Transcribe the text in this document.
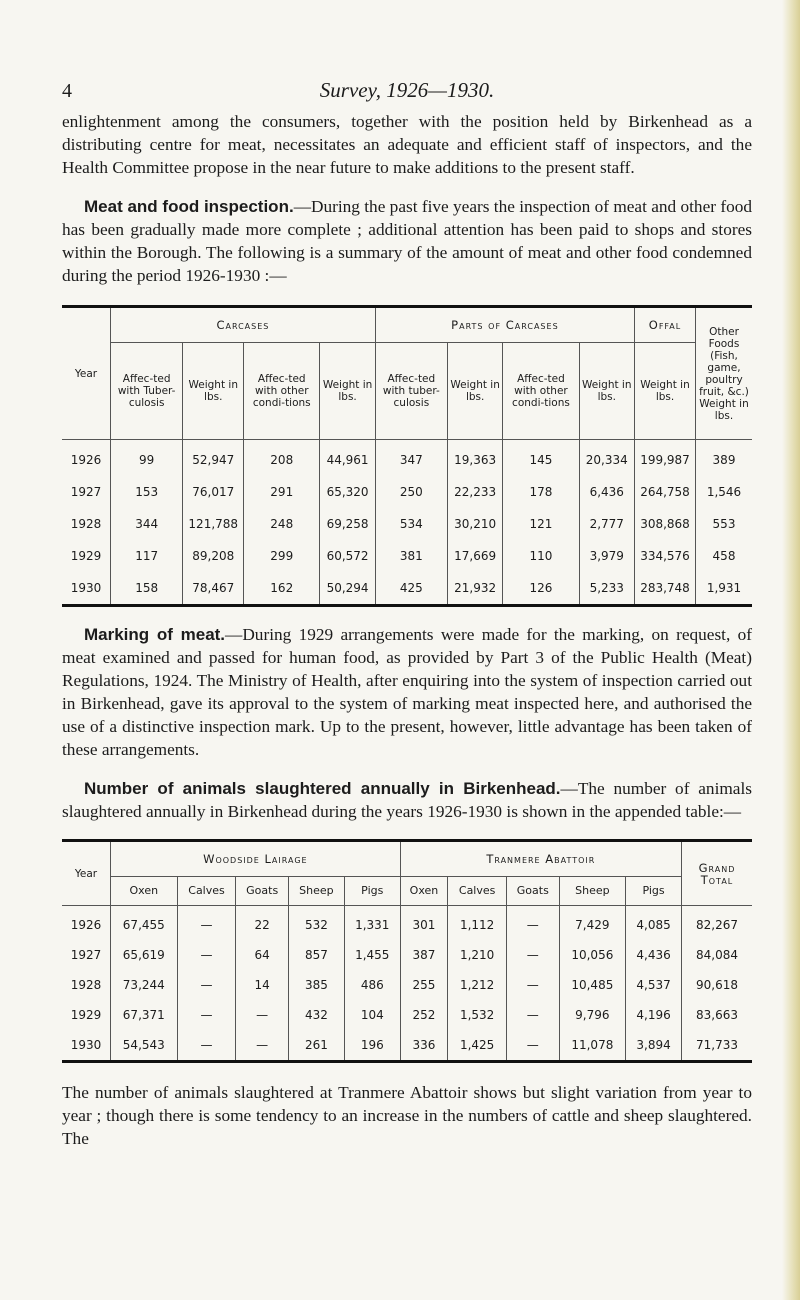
4	Survey, 1926—1930.

enlightenment among the consumers, together with the position held by Birkenhead as a distributing centre for meat, necessitates an adequate and efficient staff of inspectors, and the Health Committee propose in the near future to make additions to the present staff.

Meat and food inspection.—During the past five years the inspection of meat and other food has been gradually made more complete ; additional attention has been paid to shops and stores within the Borough. The following is a summary of the amount of meat and other food condemned during the period 1926-1930 :—

Year	Carcases				Parts of Carcases				Offal	Other Foods (Fish, game, poultry fruit, &c.) Weight in lbs.
	Affec-ted with Tuber-culosis	Weight in lbs.	Affec-ted with other condi-tions	Weight in lbs.	Affec-ted with tuber-culosis	Weight in lbs.	Affec-ted with other condi-tions	Weight in lbs.	Weight in lbs.	
1926	99	52,947	208	44,961	347	19,363	145	20,334	199,987	389
1927	153	76,017	291	65,320	250	22,233	178	6,436	264,758	1,546
1928	344	121,788	248	69,258	534	30,210	121	2,777	308,868	553
1929	117	89,208	299	60,572	381	17,669	110	3,979	334,576	458
1930	158	78,467	162	50,294	425	21,932	126	5,233	283,748	1,931

Marking of meat.—During 1929 arrangements were made for the marking, on request, of meat examined and passed for human food, as provided by Part 3 of the Public Health (Meat) Regulations, 1924. The Ministry of Health, after enquiring into the system of inspection carried out in Birkenhead, gave its approval to the system of marking meat inspected here, and authorised the use of a distinctive inspection mark. Up to the present, however, little advantage has been taken of these arrangements.

Number of animals slaughtered annually in Birkenhead.—The number of animals slaughtered annually in Birkenhead during the years 1926-1930 is shown in the appended table:—

Year	Woodside Lairage					Tranmere Abattoir					Grand Total
	Oxen	Calves	Goats	Sheep	Pigs	Oxen	Calves	Goats	Sheep	Pigs	
1926	67,455	—	22	532	1,331	301	1,112	—	7,429	4,085	82,267
1927	65,619	—	64	857	1,455	387	1,210	—	10,056	4,436	84,084
1928	73,244	—	14	385	486	255	1,212	—	10,485	4,537	90,618
1929	67,371	—	—	432	104	252	1,532	—	9,796	4,196	83,663
1930	54,543	—	—	261	196	336	1,425	—	11,078	3,894	71,733

The number of animals slaughtered at Tranmere Abattoir shows but slight variation from year to year ; though there is some tendency to an increase in the numbers of cattle and sheep slaughtered. The
